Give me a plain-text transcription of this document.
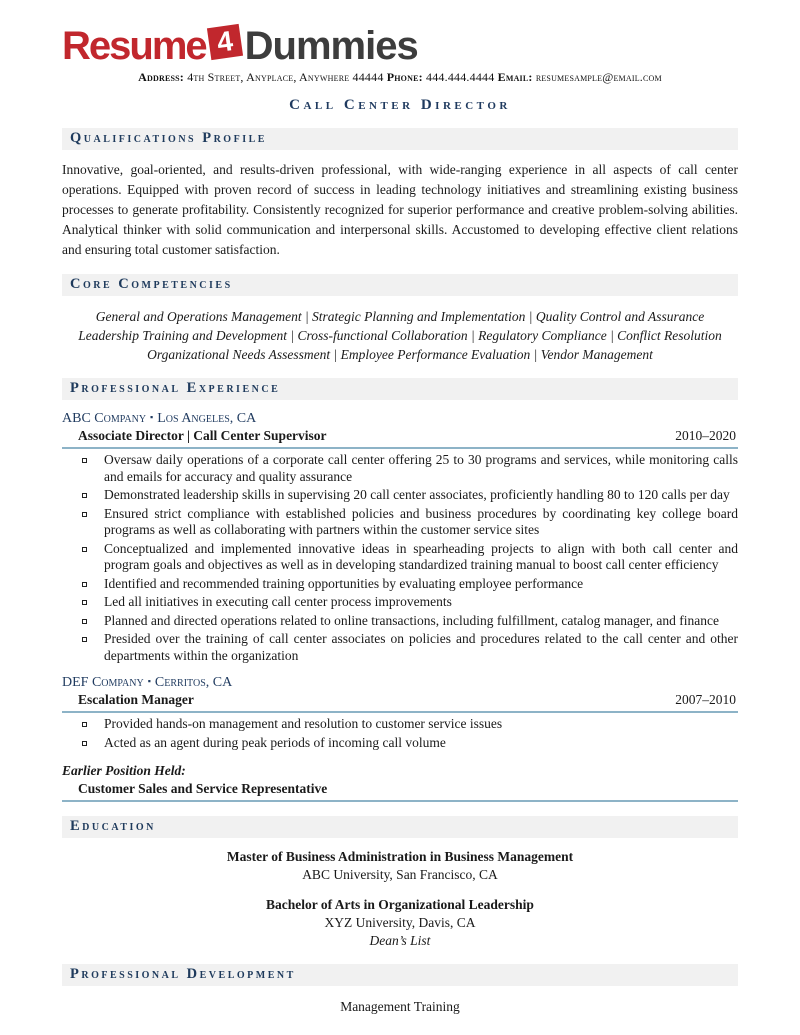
Resume 4 Dummies
Address: 4th Street, Anyplace, Anywhere 44444 Phone: 444.444.4444 Email: resumesample@email.com
Call Center Director
Qualifications Profile
Innovative, goal-oriented, and results-driven professional, with wide-ranging experience in all aspects of call center operations. Equipped with proven record of success in leading technology initiatives and streamlining existing business processes to generate profitability. Consistently recognized for superior performance and creative problem-solving abilities. Analytical thinker with solid communication and interpersonal skills. Accustomed to developing effective client relations and ensuring total customer satisfaction.
Core Competencies
General and Operations Management | Strategic Planning and Implementation | Quality Control and Assurance
Leadership Training and Development | Cross-functional Collaboration | Regulatory Compliance | Conflict Resolution
Organizational Needs Assessment | Employee Performance Evaluation | Vendor Management
Professional Experience
ABC Company ▪ Los Angeles, CA
Associate Director | Call Center Supervisor	2010–2020
Oversaw daily operations of a corporate call center offering 25 to 30 programs and services, while monitoring calls and emails for accuracy and quality assurance
Demonstrated leadership skills in supervising 20 call center associates, proficiently handling 80 to 120 calls per day
Ensured strict compliance with established policies and business procedures by coordinating key college board programs as well as collaborating with partners within the customer service sites
Conceptualized and implemented innovative ideas in spearheading projects to align with both call center and program goals and objectives as well as in developing standardized training manual to boost call center efficiency
Identified and recommended training opportunities by evaluating employee performance
Led all initiatives in executing call center process improvements
Planned and directed operations related to online transactions, including fulfillment, catalog manager, and finance
Presided over the training of call center associates on policies and procedures related to the call center and other departments within the organization
DEF Company ▪ Cerritos, CA
Escalation Manager	2007–2010
Provided hands-on management and resolution to customer service issues
Acted as an agent during peak periods of incoming call volume
Earlier Position Held:
Customer Sales and Service Representative
Education
Master of Business Administration in Business Management
ABC University, San Francisco, CA
Bachelor of Arts in Organizational Leadership
XYZ University, Davis, CA
Dean’s List
Professional Development
Management Training
